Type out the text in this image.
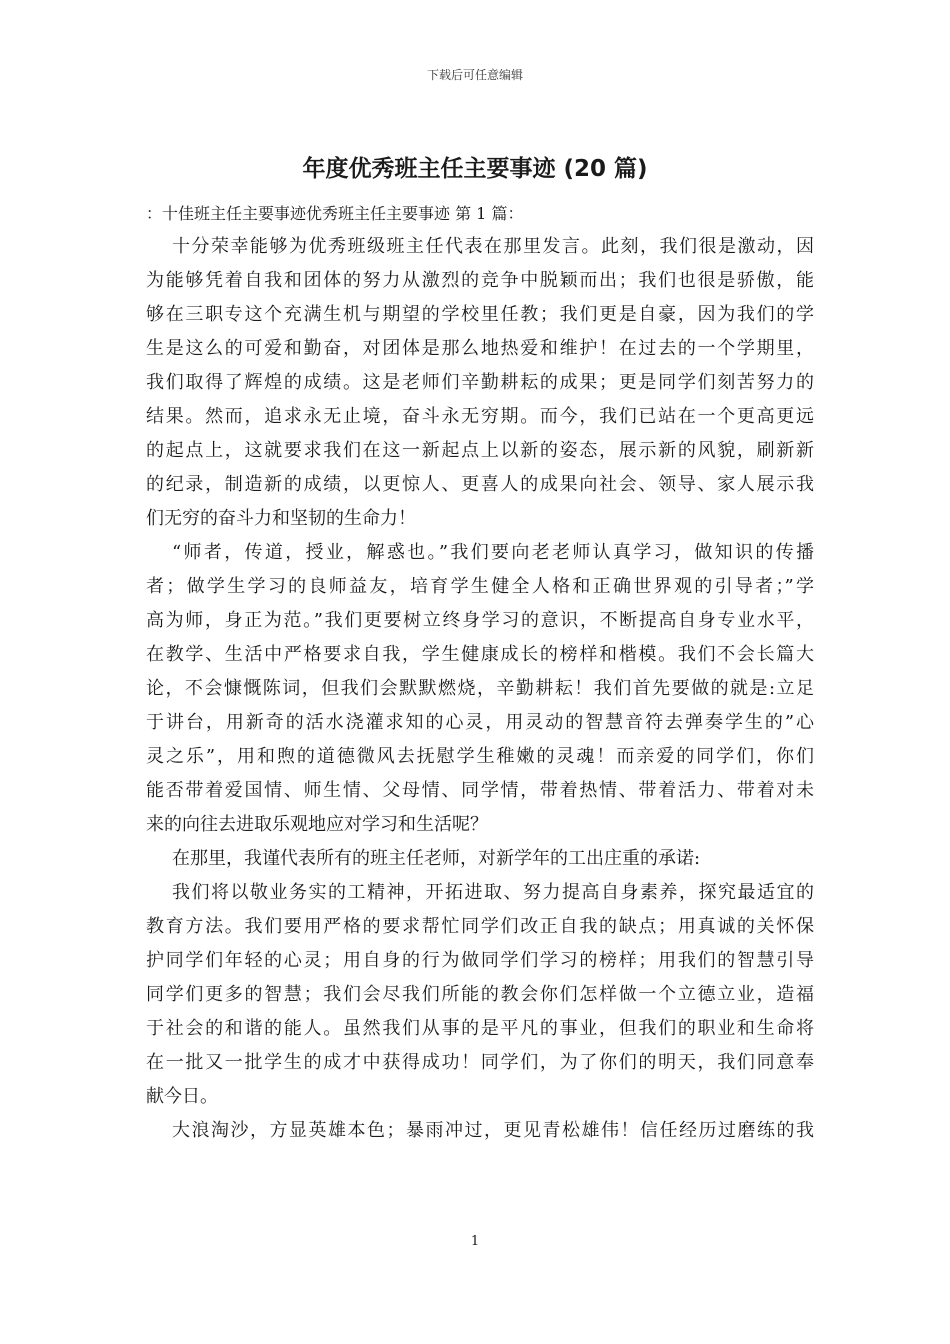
下载后可任意编辑
年度优秀班主任主要事迹 (20 篇)

：十佳班主任主要事迹优秀班主任主要事迹 第 1 篇：

十分荣幸能够为优秀班级班主任代表在那里发言。此刻，我们很是激动，因
为能够凭着自我和团体的努力从激烈的竞争中脱颖而出；我们也很是骄傲，能
够在三职专这个充满生机与期望的学校里任教；我们更是自豪，因为我们的学
生是这么的可爱和勤奋，对团体是那么地热爱和维护！在过去的一个学期里，
我们取得了辉煌的成绩。这是老师们辛勤耕耘的成果；更是同学们刻苦努力的
结果。然而，追求永无止境，奋斗永无穷期。而今，我们已站在一个更高更远
的起点上，这就要求我们在这一新起点上以新的姿态，展示新的风貌，刷新新
的纪录，制造新的成绩，以更惊人、更喜人的成果向社会、领导、家人展示我
们无穷的奋斗力和坚韧的生命力！
“师者，传道，授业，解惑也。”我们要向老老师认真学习，做知识的传播
者；做学生学习的良师益友，培育学生健全人格和正确世界观的引导者；”学
高为师，身正为范。”我们更要树立终身学习的意识，不断提高自身专业水平，
在教学、生活中严格要求自我，学生健康成长的榜样和楷模。我们不会长篇大
论，不会慷慨陈词，但我们会默默燃烧，辛勤耕耘！我们首先要做的就是:立足
于讲台，用新奇的活水浇灌求知的心灵，用灵动的智慧音符去弹奏学生的”心
灵之乐”，用和煦的道德微风去抚慰学生稚嫩的灵魂！而亲爱的同学们，你们
能否带着爱国情、师生情、父母情、同学情，带着热情、带着活力、带着对未
来的向往去进取乐观地应对学习和生活呢？
在那里，我谨代表所有的班主任老师，对新学年的工出庄重的承诺:
我们将以敬业务实的工精神，开拓进取、努力提高自身素养，探究最适宜的
教育方法。我们要用严格的要求帮忙同学们改正自我的缺点；用真诚的关怀保
护同学们年轻的心灵；用自身的行为做同学们学习的榜样；用我们的智慧引导
同学们更多的智慧；我们会尽我们所能的教会你们怎样做一个立德立业，造福
于社会的和谐的能人。虽然我们从事的是平凡的事业，但我们的职业和生命将
在一批又一批学生的成才中获得成功！同学们，为了你们的明天，我们同意奉
献今日。
大浪淘沙，方显英雄本色；暴雨冲过，更见青松雄伟！信任经历过磨练的我
1
